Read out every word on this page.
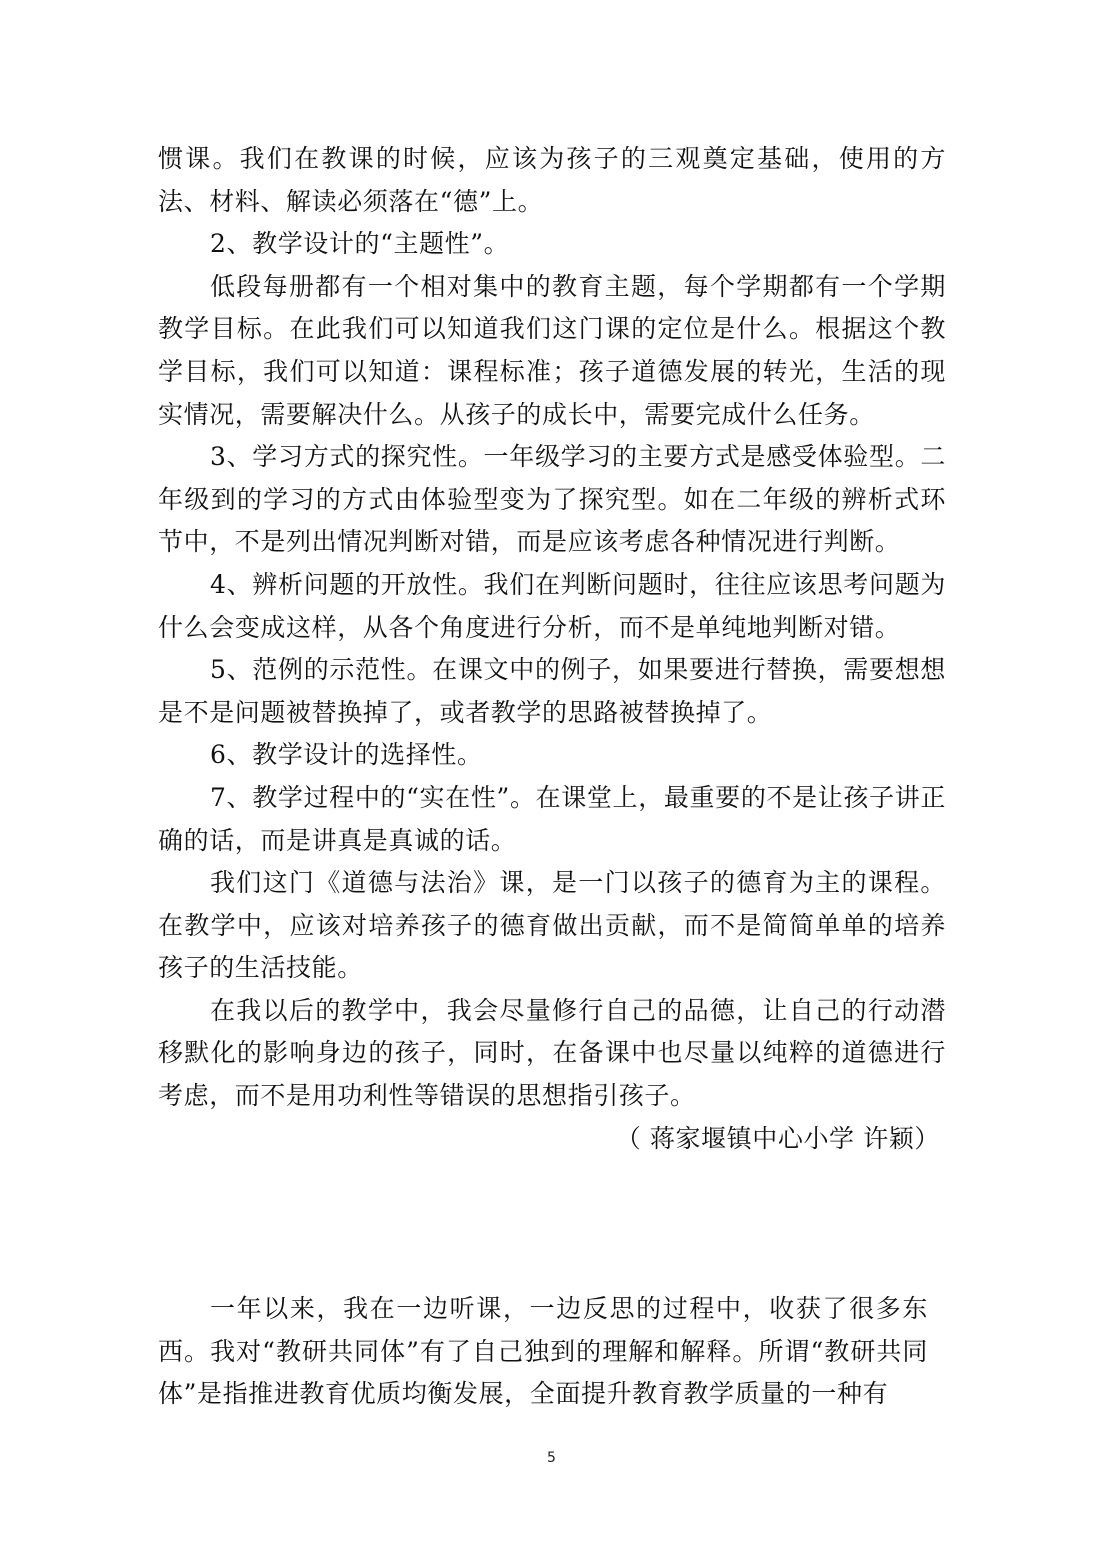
惯课。我们在教课的时候，应该为孩子的三观奠定基础，使用的方法、材料、解读必须落在“德”上。

2、教学设计的“主题性”。

低段每册都有一个相对集中的教育主题，每个学期都有一个学期教学目标。在此我们可以知道我们这门课的定位是什么。根据这个教学目标，我们可以知道：课程标准；孩子道德发展的转光，生活的现实情况，需要解决什么。从孩子的成长中，需要完成什么任务。

3、学习方式的探究性。一年级学习的主要方式是感受体验型。二年级到的学习的方式由体验型变为了探究型。如在二年级的辨析式环节中，不是列出情况判断对错，而是应该考虑各种情况进行判断。

4、辨析问题的开放性。我们在判断问题时，往往应该思考问题为什么会变成这样，从各个角度进行分析，而不是单纯地判断对错。

5、范例的示范性。在课文中的例子，如果要进行替换，需要想想是不是问题被替换掉了，或者教学的思路被替换掉了。

6、教学设计的选择性。

7、教学过程中的“实在性”。在课堂上，最重要的不是让孩子讲正确的话，而是讲真是真诚的话。

我们这门《道德与法治》课，是一门以孩子的德育为主的课程。在教学中，应该对培养孩子的德育做出贡献，而不是简简单单的培养孩子的生活技能。

在我以后的教学中，我会尽量修行自己的品德，让自己的行动潜移默化的影响身边的孩子，同时，在备课中也尽量以纯粹的道德进行考虑，而不是用功利性等错误的思想指引孩子。

（ 蒋家堰镇中心小学 许颖）

一年以来，我在一边听课，一边反思的过程中，收获了很多东西。我对“教研共同体”有了自己独到的理解和解释。所谓“教研共同体”是指推进教育优质均衡发展，全面提升教育教学质量的一种有

5
